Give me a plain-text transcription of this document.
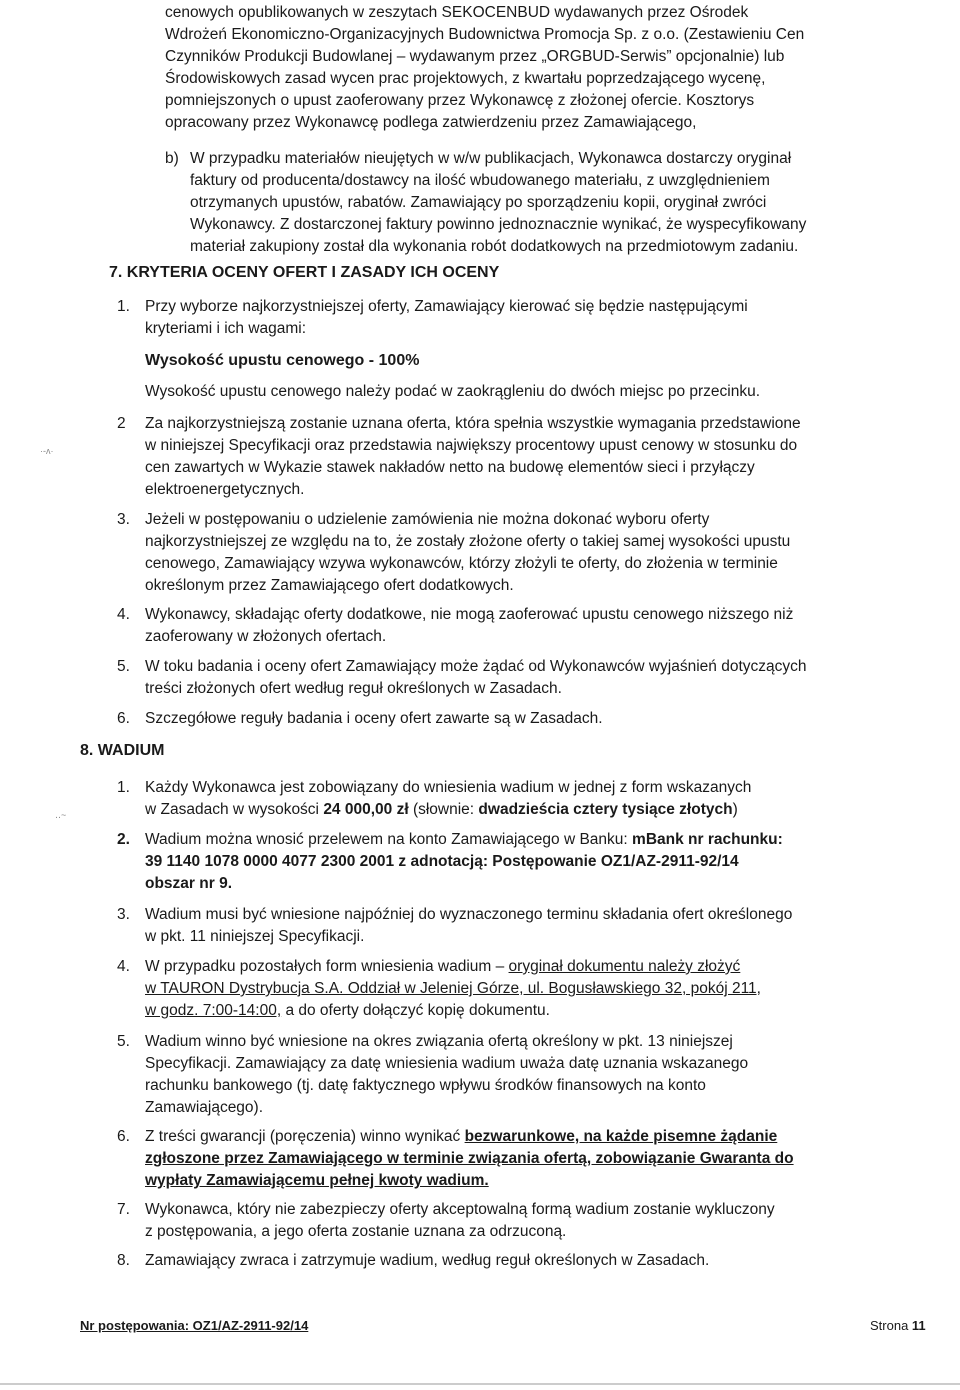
cenowych opublikowanych w zeszytach SEKOCENBUD wydawanych przez Ośrodek
Wdrożeń Ekonomiczno-Organizacyjnych Budownictwa Promocja Sp. z o.o. (Zestawieniu Cen
Czynników Produkcji Budowlanej – wydawanym przez „ORGBUD-Serwis” opcjonalnie) lub
Środowiskowych zasad wycen prac projektowych, z kwartału poprzedzającego wycenę,
pomniejszonych o upust zaoferowany przez Wykonawcę z złożonej ofercie. Kosztorys
opracowany przez Wykonawcę podlega zatwierdzeniu przez Zamawiającego,
b) W przypadku materiałów nieujętych w w/w publikacjach, Wykonawca dostarczy oryginał
faktury od producenta/dostawcy na ilość wbudowanego materiału, z uwzględnieniem
otrzymanych upustów, rabatów. Zamawiający po sporządzeniu kopii, oryginał zwróci
Wykonawcy. Z dostarczonej faktury powinno jednoznacznie wynikać, że wyspecyfikowany
materiał zakupiony został dla wykonania robót dodatkowych na przedmiotowym zadaniu.
7. KRYTERIA OCENY OFERT I ZASADY ICH OCENY
1. Przy wyborze najkorzystniejszej oferty, Zamawiający kierować się będzie następującymi
kryteriami i ich wagami:
Wysokość upustu cenowego - 100%
Wysokość upustu cenowego należy podać w zaokrągleniu do dwóch miejsc po przecinku.
2 Za najkorzystniejszą zostanie uznana oferta, która spełnia wszystkie wymagania przedstawione
w niniejszej Specyfikacji oraz przedstawia największy procentowy upust cenowy w stosunku do
cen zawartych w Wykazie stawek nakładów netto na budowę elementów sieci i przyłączy
elektroenergetycznych.
3. Jeżeli w postępowaniu o udzielenie zamówienia nie można dokonać wyboru oferty
najkorzystniejszej ze względu na to, że zostały złożone oferty o takiej samej wysokości upustu
cenowego, Zamawiający wzywa wykonawców, którzy złożyli te oferty, do złożenia w terminie
określonym przez Zamawiającego ofert dodatkowych.
4. Wykonawcy, składając oferty dodatkowe, nie mogą zaoferować upustu cenowego niższego niż
zaoferowany w złożonych ofertach.
5. W toku badania i oceny ofert Zamawiający może żądać od Wykonawców wyjaśnień dotyczących
treści złożonych ofert według reguł określonych w Zasadach.
6. Szczegółowe reguły badania i oceny ofert zawarte są w Zasadach.
8. WADIUM
1. Każdy Wykonawca jest zobowiązany do wniesienia wadium w jednej z form wskazanych
w Zasadach w wysokości 24 000,00 zł (słownie: dwadzieścia cztery tysiące złotych)
2. Wadium można wnosić przelewem na konto Zamawiającego w Banku: mBank nr rachunku:
39 1140 1078 0000 4077 2300 2001 z adnotacją: Postępowanie OZ1/AZ-2911-92/14
obszar nr 9.
3. Wadium musi być wniesione najpóźniej do wyznaczonego terminu składania ofert określonego
w pkt. 11 niniejszej Specyfikacji.
4. W przypadku pozostałych form wniesienia wadium – oryginał dokumentu należy złożyć
w TAURON Dystrybucja S.A. Oddział w Jeleniej Górze, ul. Bogusławskiego 32, pokój 211,
w godz. 7:00-14:00, a do oferty dołączyć kopię dokumentu.
5. Wadium winno być wniesione na okres związania ofertą określony w pkt. 13 niniejszej
Specyfikacji. Zamawiający za datę wniesienia wadium uważa datę uznania wskazanego
rachunku bankowego (tj. datę faktycznego wpływu środków finansowych na konto
Zamawiającego).
6. Z treści gwarancji (poręczenia) winno wynikać bezwarunkowe, na każde pisemne żądanie
zgłoszone przez Zamawiającego w terminie związania ofertą, zobowiązanie Gwaranta do
wypłaty Zamawiającemu pełnej kwoty wadium.
7. Wykonawca, który nie zabezpieczy oferty akceptowalną formą wadium zostanie wykluczony
z postępowania, a jego oferta zostanie uznana za odrzuconą.
8. Zamawiający zwraca i zatrzymuje wadium, według reguł określonych w Zasadach.
Nr postępowania: OZ1/AZ-2911-92/14	Strona 11
·-ʌ·
‥~
